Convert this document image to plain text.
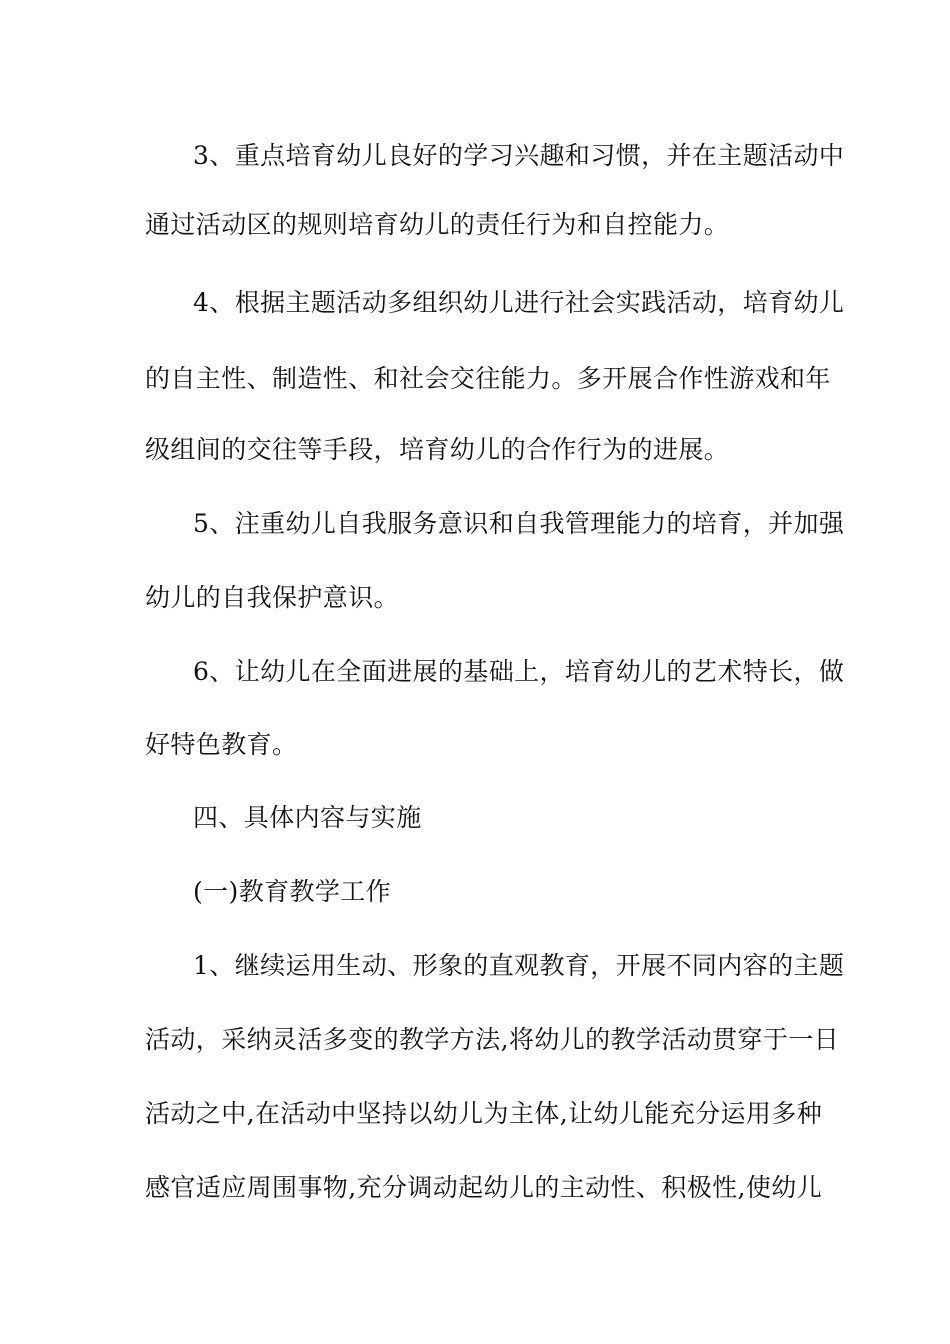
3、重点培育幼儿良好的学习兴趣和习惯，并在主题活动中
通过活动区的规则培育幼儿的责任行为和自控能力。
4、根据主题活动多组织幼儿进行社会实践活动，培育幼儿
的自主性、制造性、和社会交往能力。多开展合作性游戏和年
级组间的交往等手段，培育幼儿的合作行为的进展。
5、注重幼儿自我服务意识和自我管理能力的培育，并加强
幼儿的自我保护意识。
6、让幼儿在全面进展的基础上，培育幼儿的艺术特长，做
好特色教育。
四、具体内容与实施
(一)教育教学工作
1、继续运用生动、形象的直观教育，开展不同内容的主题
活动，采纳灵活多变的教学方法,将幼儿的教学活动贯穿于一日
活动之中,在活动中坚持以幼儿为主体,让幼儿能充分运用多种
感官适应周围事物,充分调动起幼儿的主动性、积极性,使幼儿
